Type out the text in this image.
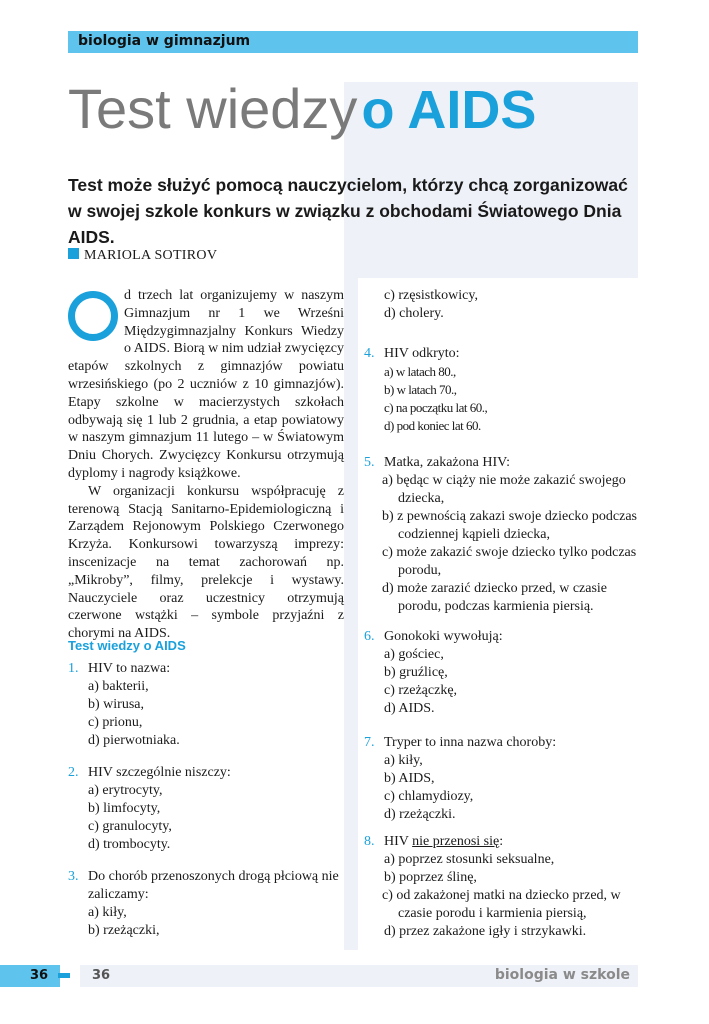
biologia w gimnazjum
Test wiedzy o AIDS

Test może służyć pomocą nauczycielom, którzy chcą zorganizować w swojej szkole konkurs w związku z obchodami Światowego Dnia AIDS.

MARIOLA SOTIROV

d trzech lat organizujemy w naszym Gimnazjum nr 1 we Wrześni Międzygimnazjalny Konkurs Wiedzy o AIDS. Biorą w nim udział zwycięzcy etapów szkolnych z gimnazjów powiatu wrzesińskiego (po 2 uczniów z 10 gimnazjów). Etapy szkolne w macierzystych szkołach odbywają się 1 lub 2 grudnia, a etap powiatowy w naszym gimnazjum 11 lutego – w Światowym Dniu Chorych. Zwycięzcy Konkursu otrzymują dyplomy i nagrody książkowe.

W organizacji konkursu współpracuję z terenową Stacją Sanitarno-Epidemiologiczną i Zarządem Rejonowym Polskiego Czerwonego Krzyża. Konkursowi towarzyszą imprezy: inscenizacje na temat zachorowań np. „Mikroby”, filmy, prelekcje i wystawy. Nauczyciele oraz uczestnicy otrzymują czerwone wstążki – symbole przyjaźni z chorymi na AIDS.

Test wiedzy o AIDS
1. HIV to nazwa:
a) bakterii,
b) wirusa,
c) prionu,
d) pierwotniaka.
2. HIV szczególnie niszczy:
a) erytrocyty,
b) limfocyty,
c) granulocyty,
d) trombocyty.
3. Do chorób przenoszonych drogą płciową nie zaliczamy:
a) kiły,
b) rzeżączki,
c) rzęsistkowicy,
d) cholery.
4. HIV odkryto:
a) w latach 80.,
b) w latach 70.,
c) na początku lat 60.,
d) pod koniec lat 60.
5. Matka, zakażona HIV:
a) będąc w ciąży nie może zakazić swojego dziecka,
b) z pewnością zakazi swoje dziecko podczas codziennej kąpieli dziecka,
c) może zakazić swoje dziecko tylko podczas porodu,
d) może zarazić dziecko przed, w czasie porodu, podczas karmienia piersią.
6. Gonokoki wywołują:
a) gościec,
b) gruźlicę,
c) rzeżączkę,
d) AIDS.
7. Tryper to inna nazwa choroby:
a) kiły,
b) AIDS,
c) chlamydiozy,
d) rzeżączki.
8. HIV nie przenosi się:
a) poprzez stosunki seksualne,
b) poprzez ślinę,
c) od zakażonej matki na dziecko przed, w czasie porodu i karmienia piersią,
d) przez zakażone igły i strzykawki.
36	36	biologia w szkole
